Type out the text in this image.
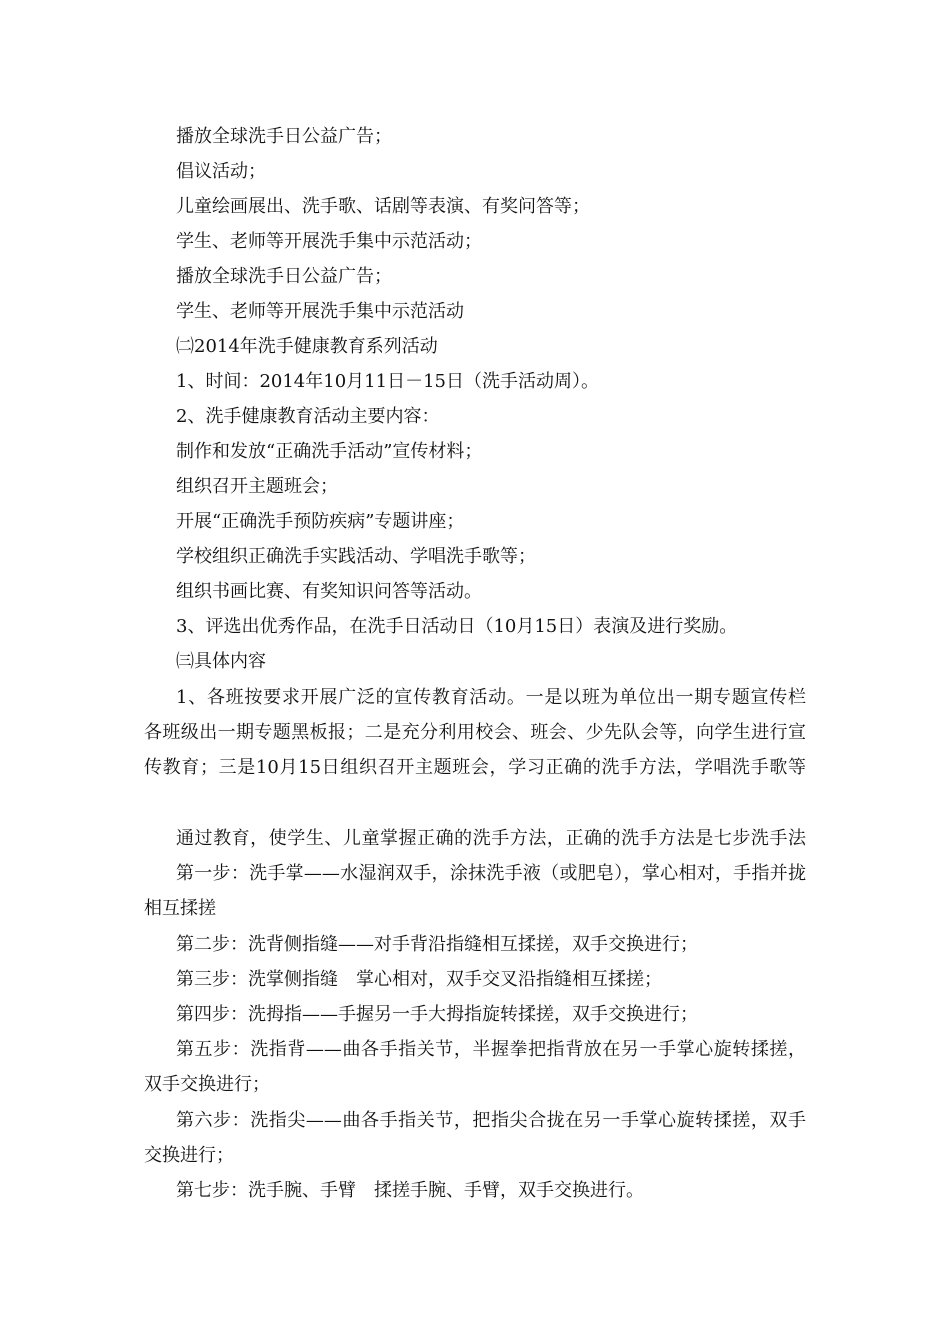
播放全球洗手日公益广告；
倡议活动；
儿童绘画展出、洗手歌、话剧等表演、有奖问答等；
学生、老师等开展洗手集中示范活动；
播放全球洗手日公益广告；
学生、老师等开展洗手集中示范活动
㈡2014年洗手健康教育系列活动
1、时间：2014年10月11日－15日（洗手活动周）。
2、洗手健康教育活动主要内容：
制作和发放“正确洗手活动”宣传材料；
组织召开主题班会；
开展“正确洗手预防疾病”专题讲座；
学校组织正确洗手实践活动、学唱洗手歌等；
组织书画比赛、有奖知识问答等活动。
3、评选出优秀作品，在洗手日活动日（10月15日）表演及进行奖励。
㈢具体内容
1、各班按要求开展广泛的宣传教育活动。一是以班为单位出一期专题宣传栏
各班级出一期专题黑板报；二是充分利用校会、班会、少先队会等，向学生进行宣
传教育；三是10月15日组织召开主题班会，学习正确的洗手方法，学唱洗手歌等
通过教育，使学生、儿童掌握正确的洗手方法，正确的洗手方法是七步洗手法
第一步：洗手掌——水湿润双手，涂抹洗手液（或肥皂），掌心相对，手指并拢
相互揉搓
第二步：洗背侧指缝——对手背沿指缝相互揉搓，双手交换进行；
第三步：洗掌侧指缝　掌心相对，双手交叉沿指缝相互揉搓；
第四步：洗拇指——手握另一手大拇指旋转揉搓，双手交换进行；
第五步：洗指背——曲各手指关节，半握拳把指背放在另一手掌心旋转揉搓，
双手交换进行；
第六步：洗指尖——曲各手指关节，把指尖合拢在另一手掌心旋转揉搓，双手
交换进行；
第七步：洗手腕、手臂　揉搓手腕、手臂，双手交换进行。
